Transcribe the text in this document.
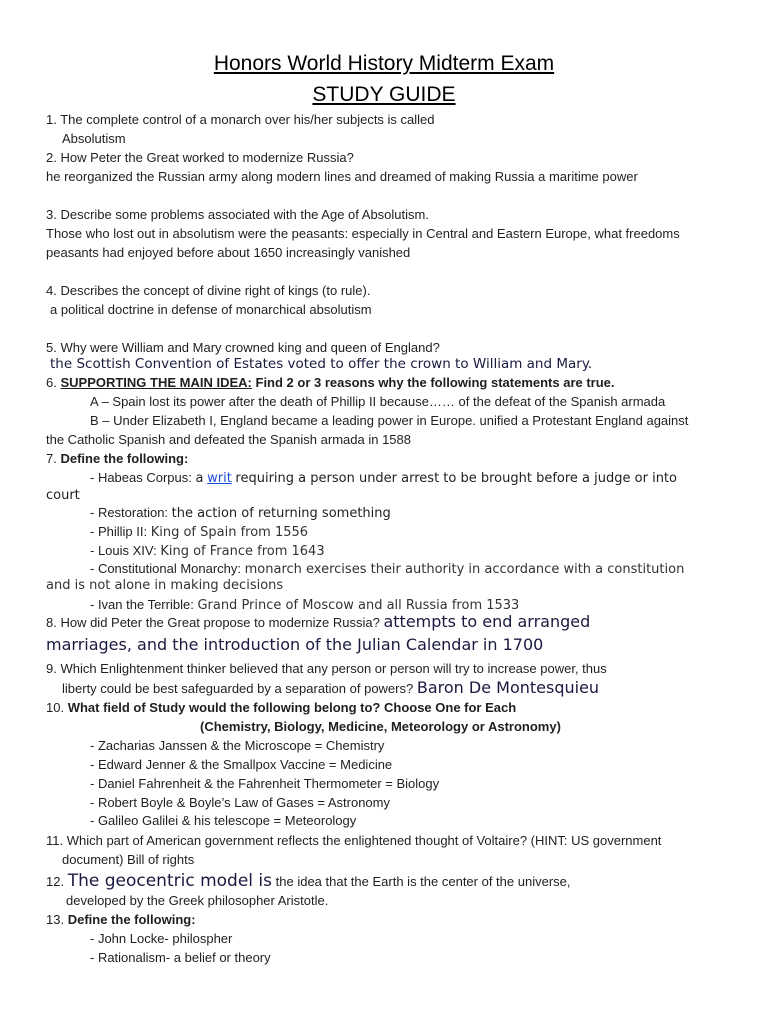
Honors World History Midterm Exam
STUDY GUIDE
1. The complete control of a monarch over his/her subjects is called
Absolutism
2. How Peter the Great worked to modernize Russia?
he reorganized the Russian army along modern lines and dreamed of making Russia a maritime power
3. Describe some problems associated with the Age of Absolutism.
Those who lost out in absolutism were the peasants: especially in Central and Eastern Europe, what freedoms
peasants had enjoyed before about 1650 increasingly vanished
4. Describes the concept of divine right of kings (to rule).
a political doctrine in defense of monarchical absolutism
5. Why were William and Mary crowned king and queen of England?
the Scottish Convention of Estates voted to offer the crown to William and Mary.
6. SUPPORTING THE MAIN IDEA: Find 2 or 3 reasons why the following statements are true.
A – Spain lost its power after the death of Phillip II because…… of the defeat of the Spanish armada
B – Under Elizabeth I, England became a leading power in Europe. unified a Protestant England against
the Catholic Spanish and defeated the Spanish armada in 1588
7. Define the following:
- Habeas Corpus: a writ requiring a person under arrest to be brought before a judge or into
court
- Restoration: the action of returning something
- Phillip II: King of Spain from 1556
- Louis XIV: King of France from 1643
- Constitutional Monarchy: monarch exercises their authority in accordance with a constitution
and is not alone in making decisions
- Ivan the Terrible: Grand Prince of Moscow and all Russia from 1533
8. How did Peter the Great propose to modernize Russia? attempts to end arranged
marriages, and the introduction of the Julian Calendar in 1700
9. Which Enlightenment thinker believed that any person or person will try to increase power, thus
liberty could be best safeguarded by a separation of powers? Baron De Montesquieu
10. What field of Study would the following belong to? Choose One for Each
(Chemistry, Biology, Medicine, Meteorology or Astronomy)
- Zacharias Janssen & the Microscope = Chemistry
- Edward Jenner & the Smallpox Vaccine = Medicine
- Daniel Fahrenheit & the Fahrenheit Thermometer = Biology
- Robert Boyle & Boyle’s Law of Gases = Astronomy
- Galileo Galilei & his telescope = Meteorology
11. Which part of American government reflects the enlightened thought of Voltaire? (HINT: US government
document) Bill of rights
12. The geocentric model is the idea that the Earth is the center of the universe,
developed by the Greek philosopher Aristotle.
13. Define the following:
- John Locke- philospher
- Rationalism- a belief or theory
